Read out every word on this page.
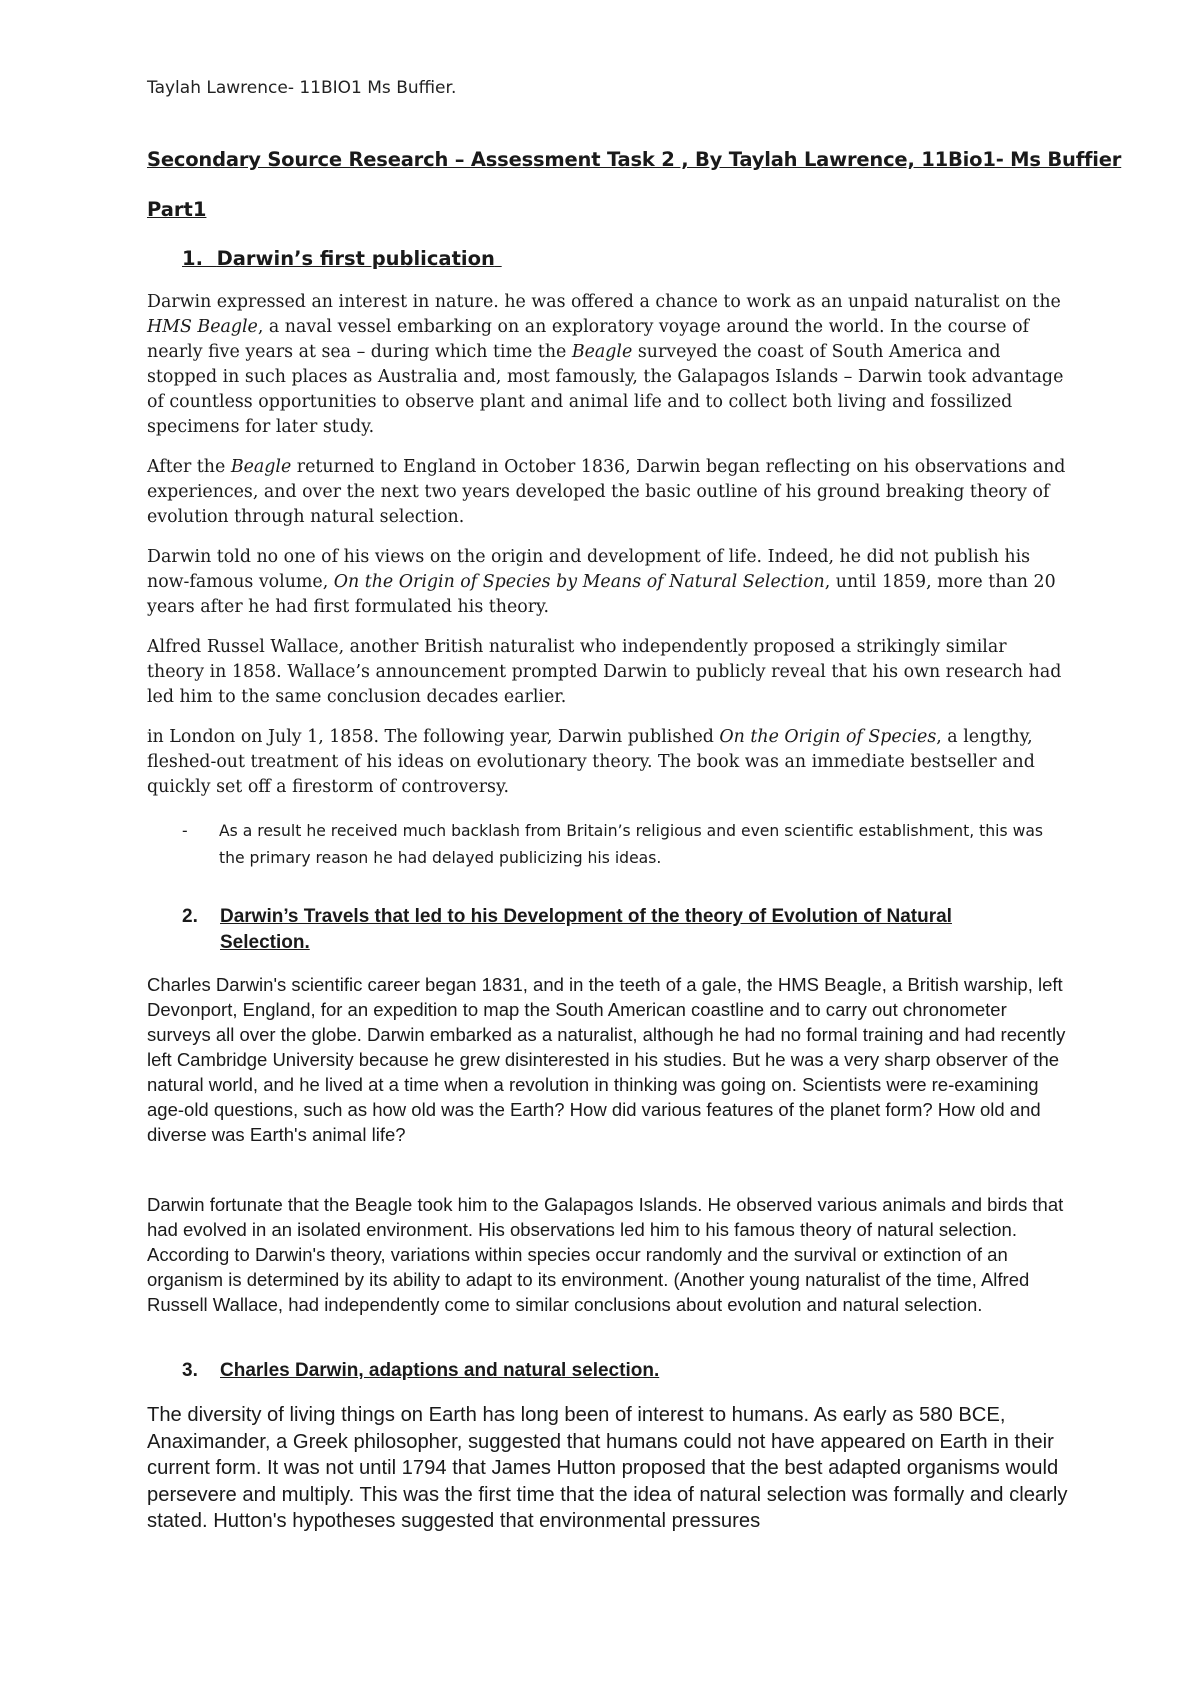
Taylah Lawrence- 11BIO1 Ms Buffier.
Secondary Source Research – Assessment Task 2 , By Taylah Lawrence, 11Bio1- Ms Buffier
Part1
1. Darwin’s first publication

Darwin expressed an interest in nature. he was offered a chance to work as an unpaid naturalist on the HMS Beagle, a naval vessel embarking on an exploratory voyage around the world. In the course of nearly five years at sea – during which time the Beagle surveyed the coast of South America and stopped in such places as Australia and, most famously, the Galapagos Islands – Darwin took advantage of countless opportunities to observe plant and animal life and to collect both living and fossilized specimens for later study.

After the Beagle returned to England in October 1836, Darwin began reflecting on his observations and experiences, and over the next two years developed the basic outline of his ground breaking theory of evolution through natural selection.

Darwin told no one of his views on the origin and development of life. Indeed, he did not publish his now-famous volume, On the Origin of Species by Means of Natural Selection, until 1859, more than 20 years after he had first formulated his theory.

Alfred Russel Wallace, another British naturalist who independently proposed a strikingly similar theory in 1858. Wallace’s announcement prompted Darwin to publicly reveal that his own research had led him to the same conclusion decades earlier.

in London on July 1, 1858. The following year, Darwin published On the Origin of Species, a lengthy, fleshed-out treatment of his ideas on evolutionary theory. The book was an immediate bestseller and quickly set off a firestorm of controversy.

- As a result he received much backlash from Britain’s religious and even scientific establishment, this was the primary reason he had delayed publicizing his ideas.
2. Darwin’s Travels that led to his Development of the theory of Evolution of Natural Selection.

Charles Darwin's scientific career began 1831, and in the teeth of a gale, the HMS Beagle, a British warship, left Devonport, England, for an expedition to map the South American coastline and to carry out chronometer surveys all over the globe. Darwin embarked as a naturalist, although he had no formal training and had recently left Cambridge University because he grew disinterested in his studies. But he was a very sharp observer of the natural world, and he lived at a time when a revolution in thinking was going on. Scientists were re-examining age-old questions, such as how old was the Earth? How did various features of the planet form? How old and diverse was Earth's animal life?

Darwin fortunate that the Beagle took him to the Galapagos Islands. He observed various animals and birds that had evolved in an isolated environment. His observations led him to his famous theory of natural selection. According to Darwin's theory, variations within species occur randomly and the survival or extinction of an organism is determined by its ability to adapt to its environment. (Another young naturalist of the time, Alfred Russell Wallace, had independently come to similar conclusions about evolution and natural selection.

3. Charles Darwin, adaptions and natural selection.

The diversity of living things on Earth has long been of interest to humans. As early as 580 BCE, Anaximander, a Greek philosopher, suggested that humans could not have appeared on Earth in their current form. It was not until 1794 that James Hutton proposed that the best adapted organisms would persevere and multiply. This was the first time that the idea of natural selection was formally and clearly stated. Hutton's hypotheses suggested that environmental pressures
